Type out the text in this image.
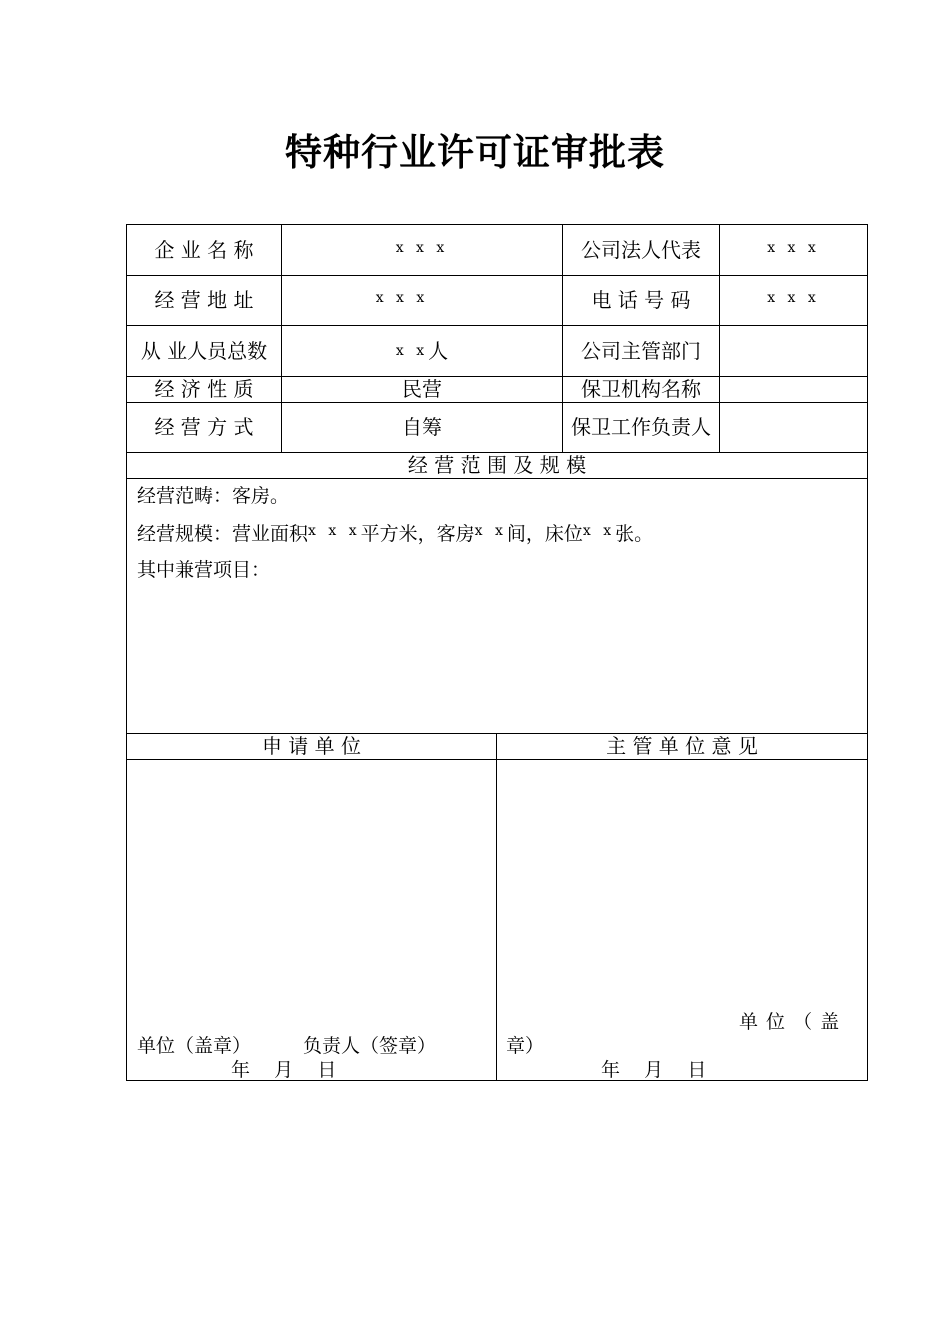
特种行业许可证审批表
企 业 名 称	x x x	公司法人代表	x x x
经 营 地 址	x x x	电 话 号 码	x x x
从 业人员总数	x x 人	公司主管部门
经 济 性 质	民营	保卫机构名称
经 营 方 式	自筹	保卫工作负责人
经 营 范 围 及 规 模
经营范畴：客房。
经营规模：营业面积$^{x x x}$平方米，客房$^{x x}$间，床位$^{x x}$张。
其中兼营项目：
申 请 单 位	主 管 单 位 意 见
单位（盖章）	负责人（签章）
年    月    日
单 位 （ 盖
章）
年    月    日
